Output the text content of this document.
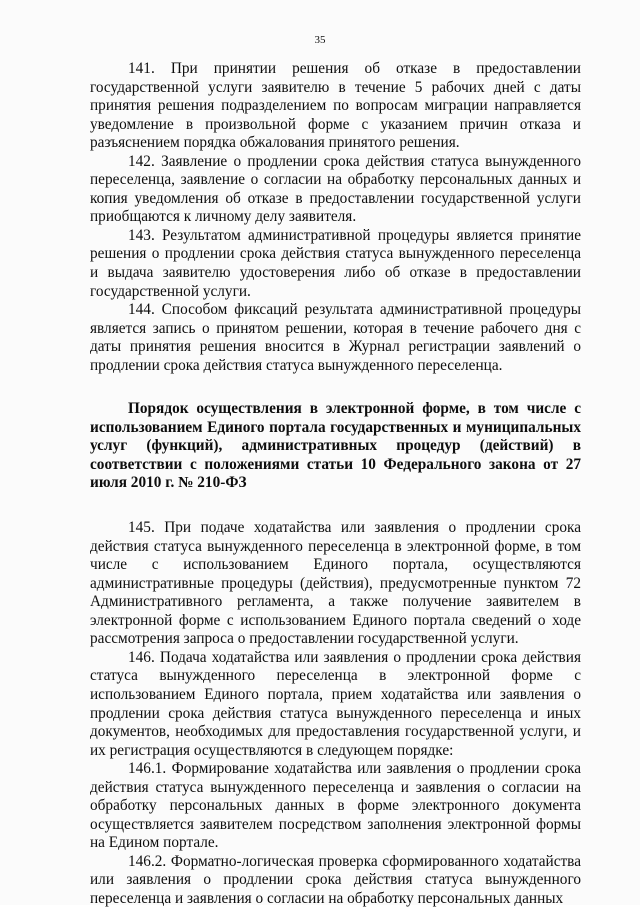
35

141. При принятии решения об отказе в предоставлении государственной услуги заявителю в течение 5 рабочих дней с даты принятия решения подразделением по вопросам миграции направляется уведомление в произвольной форме с указанием причин отказа и разъяснением порядка обжалования принятого решения.

142. Заявление о продлении срока действия статуса вынужденного переселенца, заявление о согласии на обработку персональных данных и копия уведомления об отказе в предоставлении государственной услуги приобщаются к личному делу заявителя.

143. Результатом административной процедуры является принятие решения о продлении срока действия статуса вынужденного переселенца и выдача заявителю удостоверения либо об отказе в предоставлении государственной услуги.

144. Способом фиксаций результата административной процедуры является запись о принятом решении, которая в течение рабочего дня с даты принятия решения вносится в Журнал регистрации заявлений о продлении срока действия статуса вынужденного переселенца.

Порядок осуществления в электронной форме, в том числе с использованием Единого портала государственных и муниципальных услуг (функций), административных процедур (действий) в соответствии с положениями статьи 10 Федерального закона от 27 июля 2010 г. № 210-ФЗ

145. При подаче ходатайства или заявления о продлении срока действия статуса вынужденного переселенца в электронной форме, в том числе с использованием Единого портала, осуществляются административные процедуры (действия), предусмотренные пунктом 72 Административного регламента, а также получение заявителем в электронной форме с использованием Единого портала сведений о ходе рассмотрения запроса о предоставлении государственной услуги.

146. Подача ходатайства или заявления о продлении срока действия статуса вынужденного переселенца в электронной форме с использованием Единого портала, прием ходатайства или заявления о продлении срока действия статуса вынужденного переселенца и иных документов, необходимых для предоставления государственной услуги, и их регистрация осуществляются в следующем порядке:

146.1. Формирование ходатайства или заявления о продлении срока действия статуса вынужденного переселенца и заявления о согласии на обработку персональных данных в форме электронного документа осуществляется заявителем посредством заполнения электронной формы на Едином портале.

146.2. Форматно-логическая проверка сформированного ходатайства или заявления о продлении срока действия статуса вынужденного переселенца и заявления о согласии на обработку персональных данных
